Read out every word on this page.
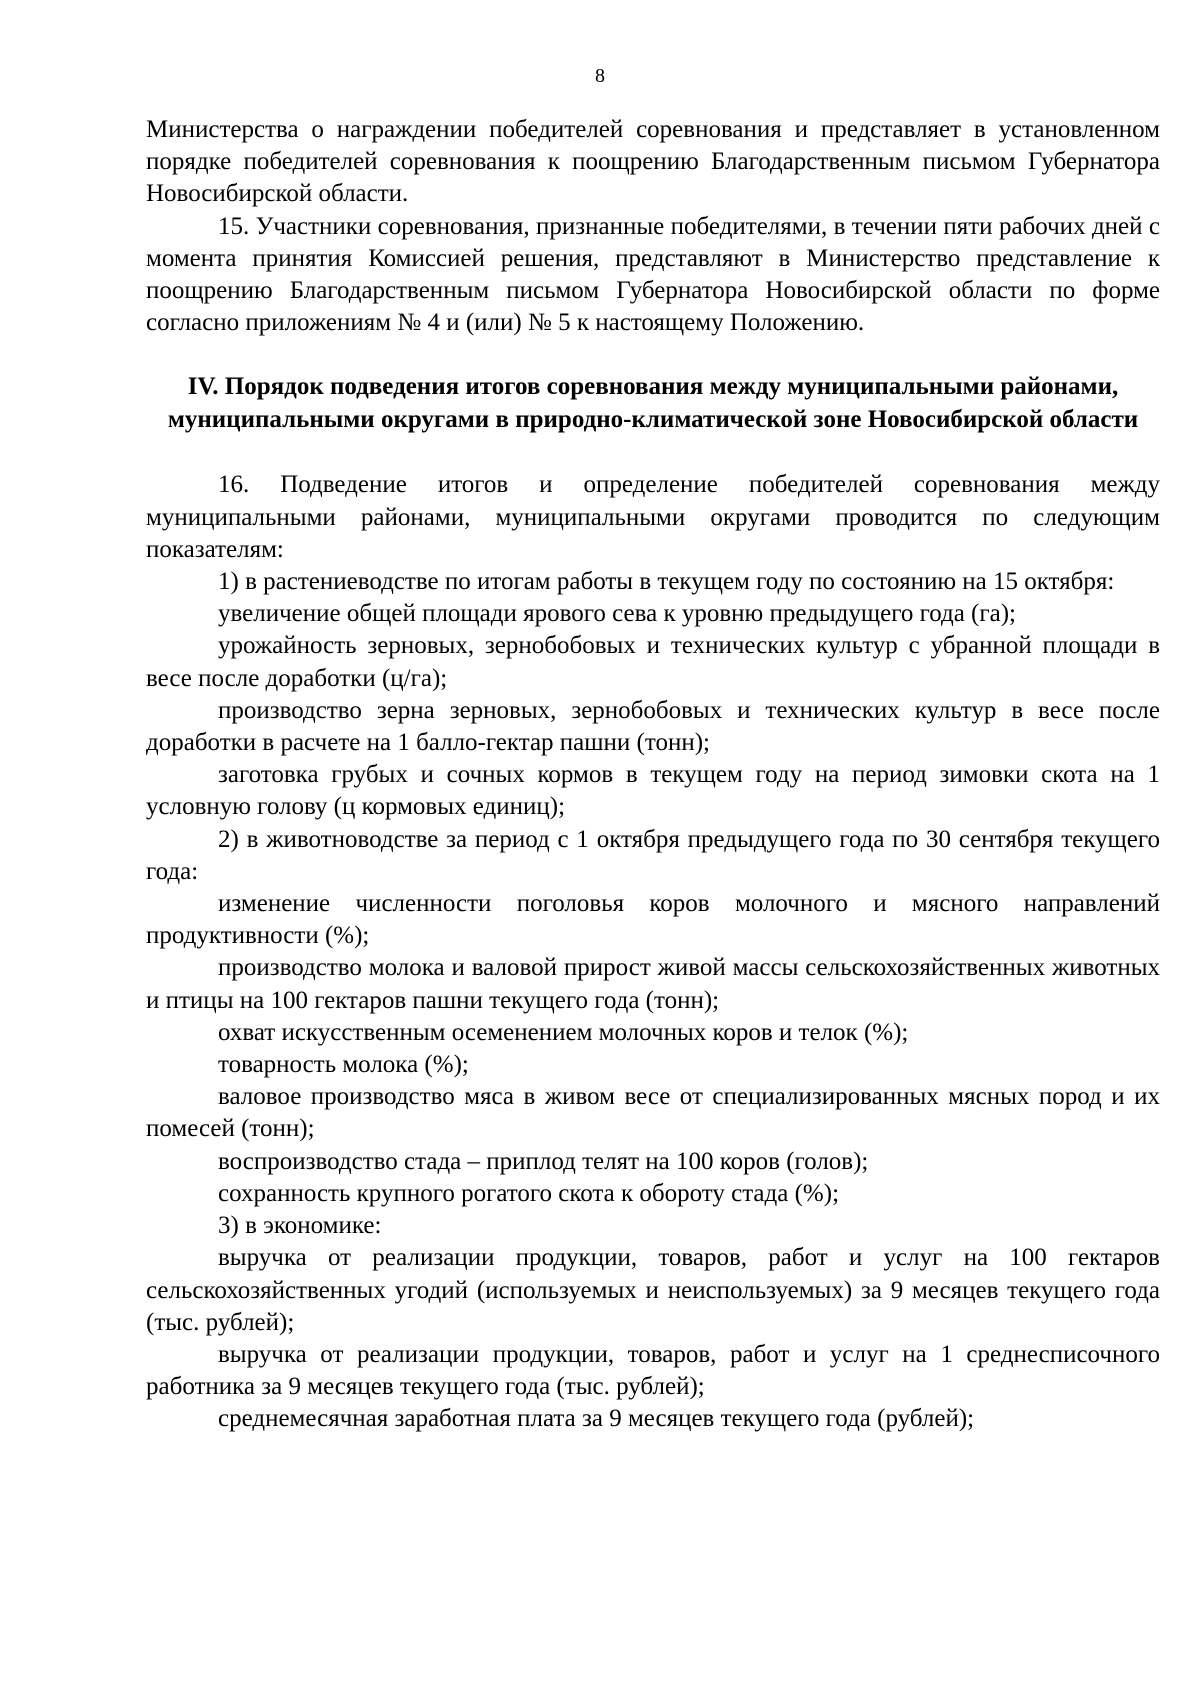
8

Министерства о награждении победителей соревнования и представляет в установленном порядке победителей соревнования к поощрению Благодарственным письмом Губернатора Новосибирской области.

15. Участники соревнования, признанные победителями, в течении пяти рабочих дней с момента принятия Комиссией решения, представляют в Министерство представление к поощрению Благодарственным письмом Губернатора Новосибирской области по форме согласно приложениям № 4 и (или) № 5 к настоящему Положению.

IV. Порядок подведения итогов соревнования между муниципальными районами, муниципальными округами в природно-климатической зоне Новосибирской области

16. Подведение итогов и определение победителей соревнования между муниципальными районами, муниципальными округами проводится по следующим показателям:

1) в растениеводстве по итогам работы в текущем году по состоянию на 15 октября:

увеличение общей площади ярового сева к уровню предыдущего года (га);

урожайность зерновых, зернобобовых и технических культур с убранной площади в весе после доработки (ц/га);

производство зерна зерновых, зернобобовых и технических культур в весе после доработки в расчете на 1 балло-гектар пашни (тонн);

заготовка грубых и сочных кормов в текущем году на период зимовки скота на 1 условную голову (ц кормовых единиц);

2) в животноводстве за период с 1 октября предыдущего года по 30 сентября текущего года:

изменение численности поголовья коров молочного и мясного направлений продуктивности (%);

производство молока и валовой прирост живой массы сельскохозяйственных животных и птицы на 100 гектаров пашни текущего года (тонн);

охват искусственным осеменением молочных коров и телок (%);

товарность молока (%);

валовое производство мяса в живом весе от специализированных мясных пород и их помесей (тонн);

воспроизводство стада – приплод телят на 100 коров (голов);

сохранность крупного рогатого скота к обороту стада (%);

3) в экономике:

выручка от реализации продукции, товаров, работ и услуг на 100 гектаров сельскохозяйственных угодий (используемых и неиспользуемых) за 9 месяцев текущего года (тыс. рублей);

выручка от реализации продукции, товаров, работ и услуг на 1 среднесписочного работника за 9 месяцев текущего года (тыс. рублей);

среднемесячная заработная плата за 9 месяцев текущего года (рублей);
